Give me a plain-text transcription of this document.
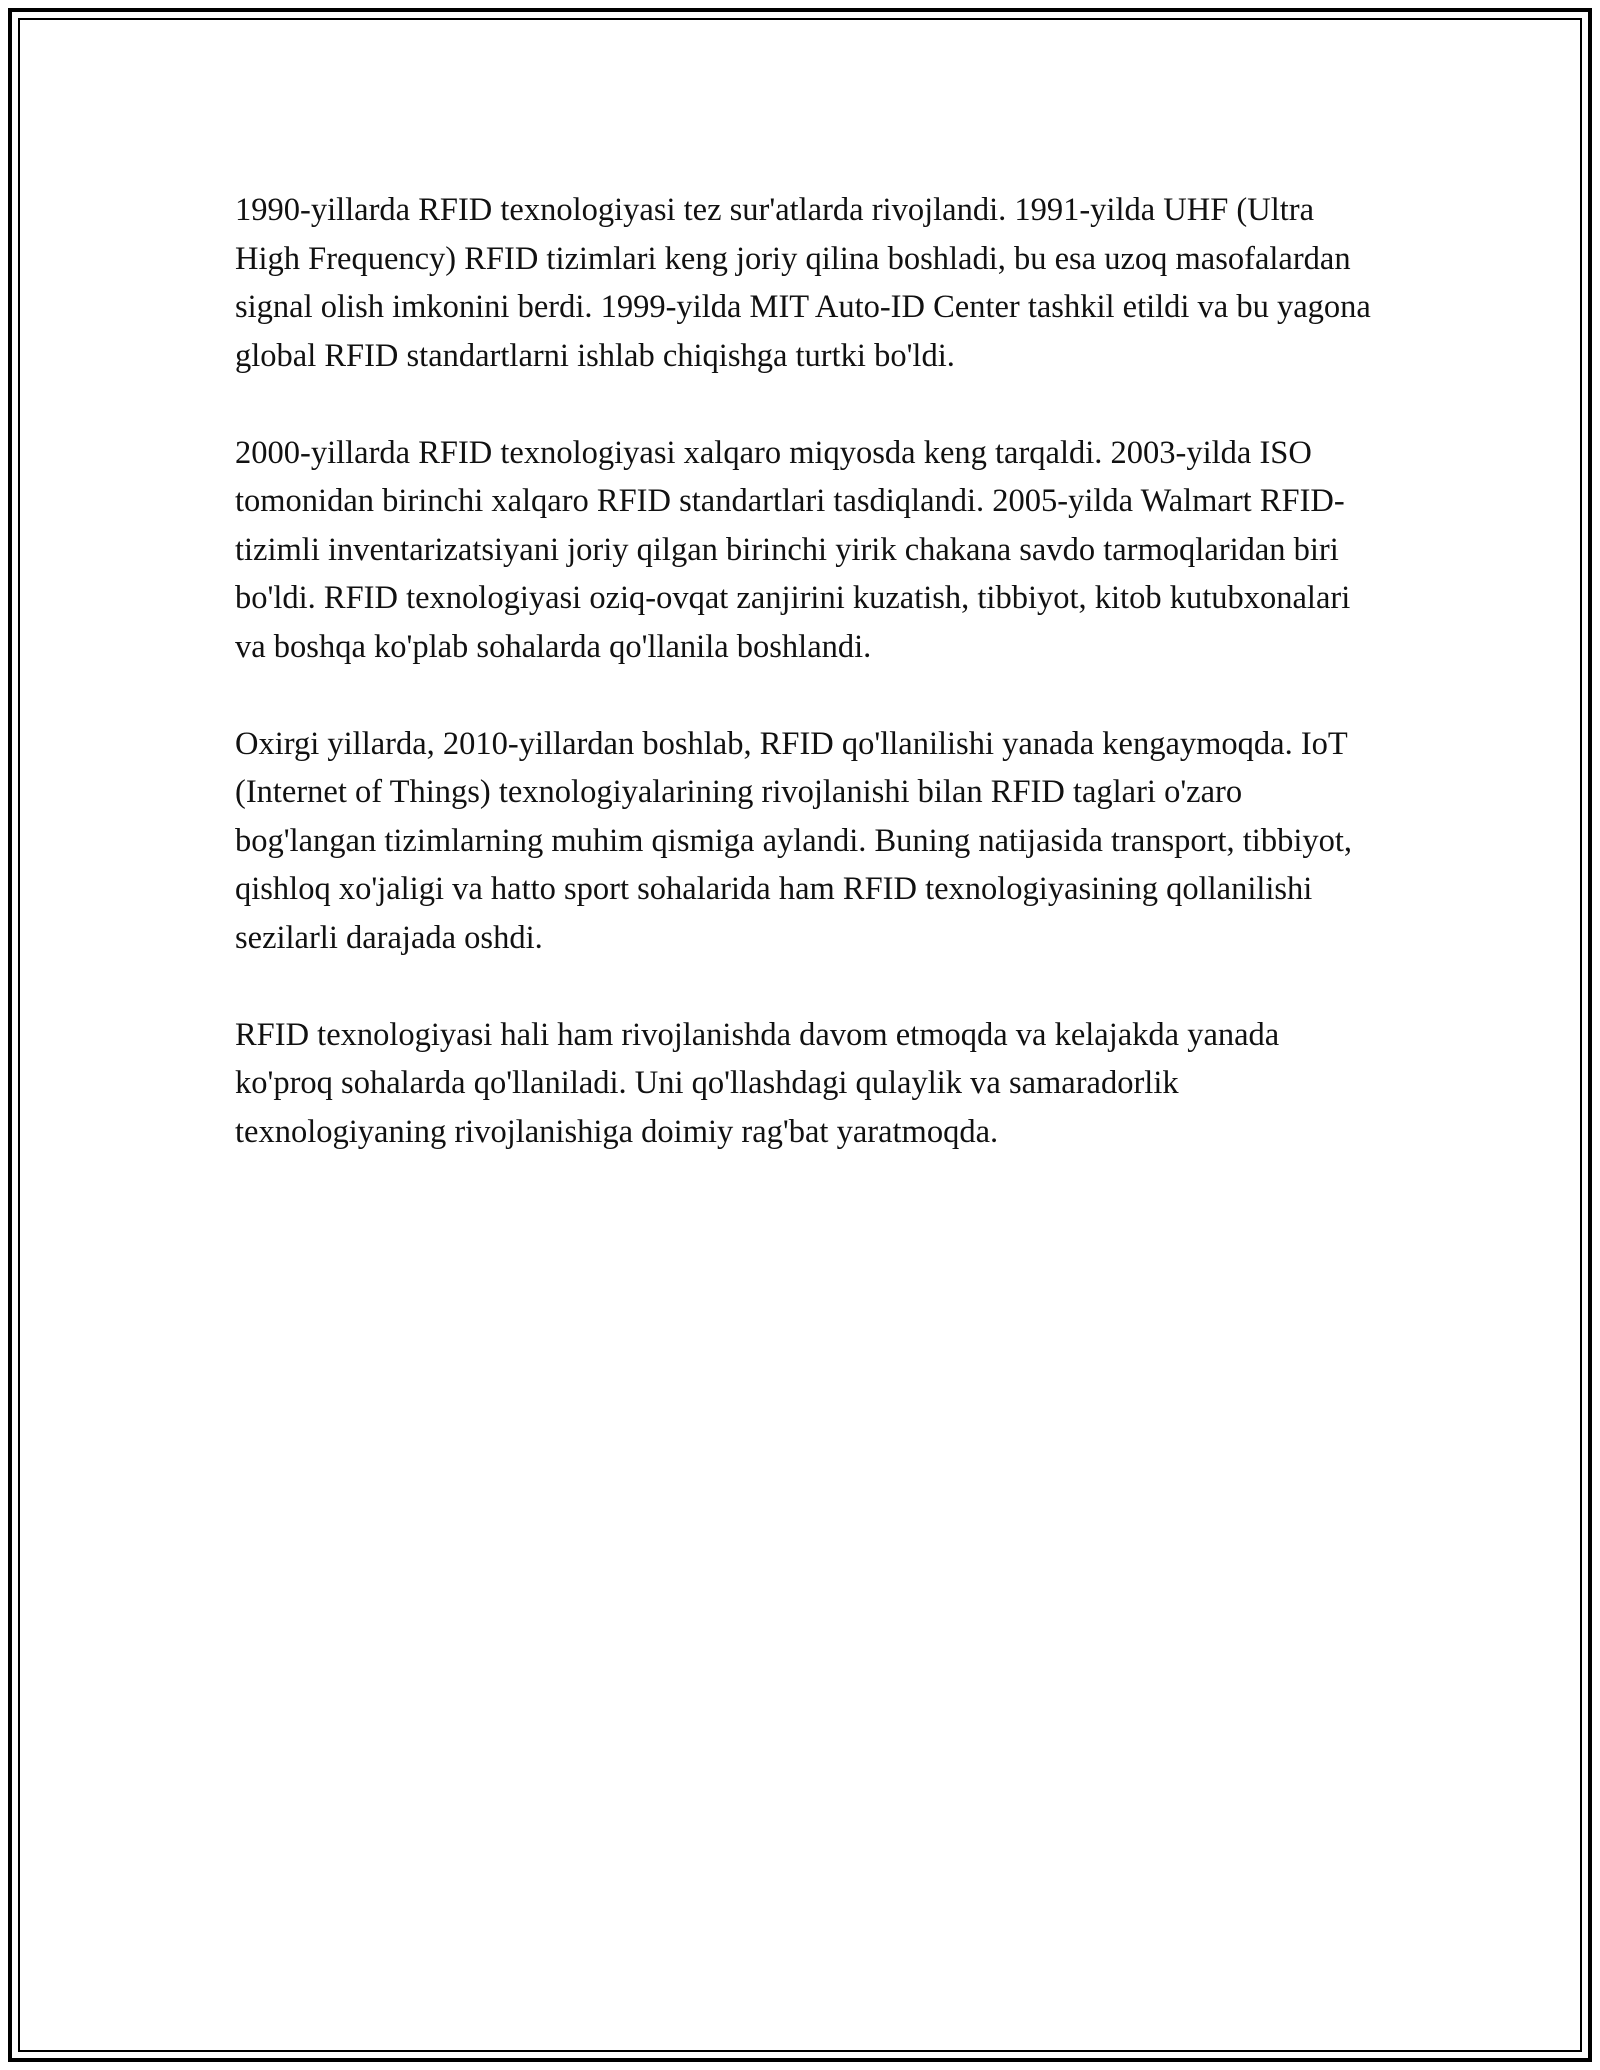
1990-yillarda RFID texnologiyasi tez sur'atlarda rivojlandi. 1991-yilda UHF (Ultra High Frequency) RFID tizimlari keng joriy qilina boshladi, bu esa uzoq masofalardan signal olish imkonini berdi. 1999-yilda MIT Auto-ID Center tashkil etildi va bu yagona global RFID standartlarni ishlab chiqishga turtki bo'ldi.

2000-yillarda RFID texnologiyasi xalqaro miqyosda keng tarqaldi. 2003-yilda ISO tomonidan birinchi xalqaro RFID standartlari tasdiqlandi. 2005-yilda Walmart RFID-tizimli inventarizatsiyani joriy qilgan birinchi yirik chakana savdo tarmoqlaridan biri bo'ldi. RFID texnologiyasi oziq-ovqat zanjirini kuzatish, tibbiyot, kitob kutubxonalari va boshqa ko'plab sohalarda qo'llanila boshlandi.

Oxirgi yillarda, 2010-yillardan boshlab, RFID qo'llanilishi yanada kengaymoqda. IoT (Internet of Things) texnologiyalarining rivojlanishi bilan RFID taglari o'zaro bog'langan tizimlarning muhim qismiga aylandi. Buning natijasida transport, tibbiyot, qishloq xo'jaligi va hatto sport sohalarida ham RFID texnologiyasining qollanilishi sezilarli darajada oshdi.

RFID texnologiyasi hali ham rivojlanishda davom etmoqda va kelajakda yanada ko'proq sohalarda qo'llaniladi. Uni qo'llashdagi qulaylik va samaradorlik texnologiyaning rivojlanishiga doimiy rag'bat yaratmoqda.
